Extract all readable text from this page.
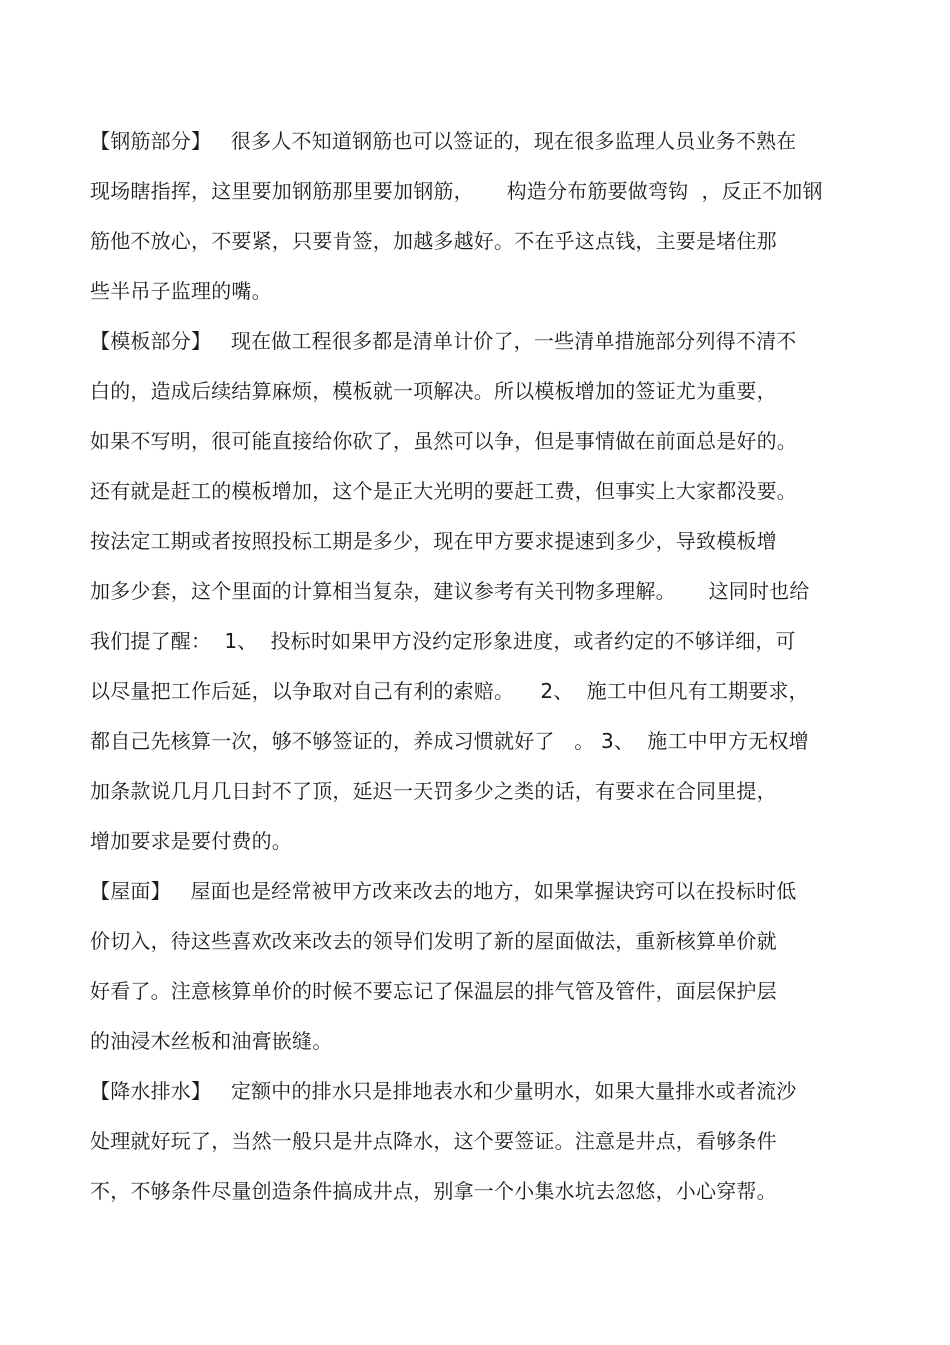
【钢筋部分】   很多人不知道钢筋也可以签证的，现在很多监理人员业务不熟在
现场瞎指挥，这里要加钢筋那里要加钢筋，     构造分布筋要做弯钩  ，反正不加钢
筋他不放心，不要紧，只要肯签，加越多越好。不在乎这点钱，主要是堵住那
些半吊子监理的嘴。
【模板部分】   现在做工程很多都是清单计价了，一些清单措施部分列得不清不
白的，造成后续结算麻烦，模板就一项解决。所以模板增加的签证尤为重要，
如果不写明，很可能直接给你砍了，虽然可以争，但是事情做在前面总是好的。
还有就是赶工的模板增加，这个是正大光明的要赶工费，但事实上大家都没要。
按法定工期或者按照投标工期是多少，现在甲方要求提速到多少，导致模板增
加多少套，这个里面的计算相当复杂，建议参考有关刊物多理解。     这同时也给
我们提了醒：  1、  投标时如果甲方没约定形象进度，或者约定的不够详细，可
以尽量把工作后延，以争取对自己有利的索赔。    2、  施工中但凡有工期要求，
都自己先核算一次，够不够签证的，养成习惯就好了   。 3、  施工中甲方无权增
加条款说几月几日封不了顶，延迟一天罚多少之类的话，有要求在合同里提，
增加要求是要付费的。
【屋面】   屋面也是经常被甲方改来改去的地方，如果掌握诀窍可以在投标时低
价切入，待这些喜欢改来改去的领导们发明了新的屋面做法，重新核算单价就
好看了。注意核算单价的时候不要忘记了保温层的排气管及管件，面层保护层
的油浸木丝板和油膏嵌缝。
【降水排水】   定额中的排水只是排地表水和少量明水，如果大量排水或者流沙
处理就好玩了，当然一般只是井点降水，这个要签证。注意是井点，看够条件
不，不够条件尽量创造条件搞成井点，别拿一个小集水坑去忽悠，小心穿帮。
